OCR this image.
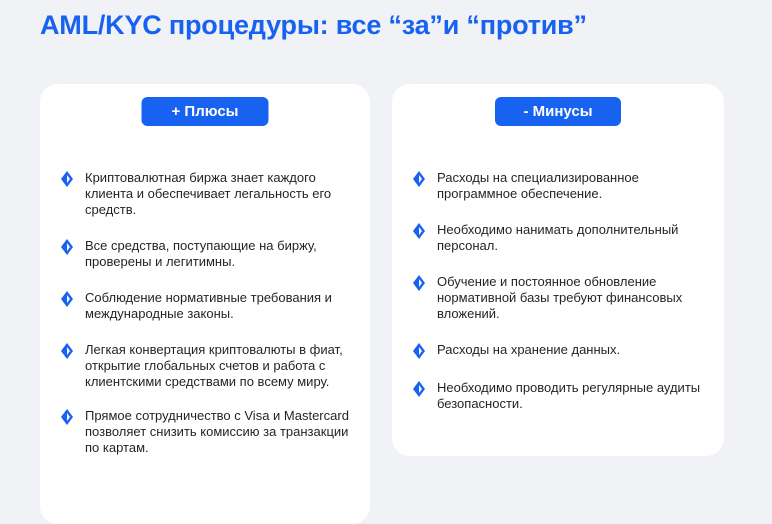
AML/KYC процедуры: все “за”и “против”
+ Плюсы
Криптовалютная биржа знает каждого клиента и обеспечивает легальность его средств.
Все средства, поступающие на биржу, проверены и легитимны.
Соблюдение нормативные требования и международные законы.
Легкая конвертация криптовалюты в фиат, открытие глобальных счетов и работа с клиентскими средствами по всему миру.
Прямое сотрудничество с Visa и Mastercard позволяет снизить комиссию за транзакции по картам.
- Минусы
Расходы на специализированное программное обеспечение.
Необходимо нанимать дополнительный персонал.
Обучение и постоянное обновление нормативной базы требуют финансовых вложений.
Расходы на хранение данных.
Необходимо проводить регулярные аудиты безопасности.
